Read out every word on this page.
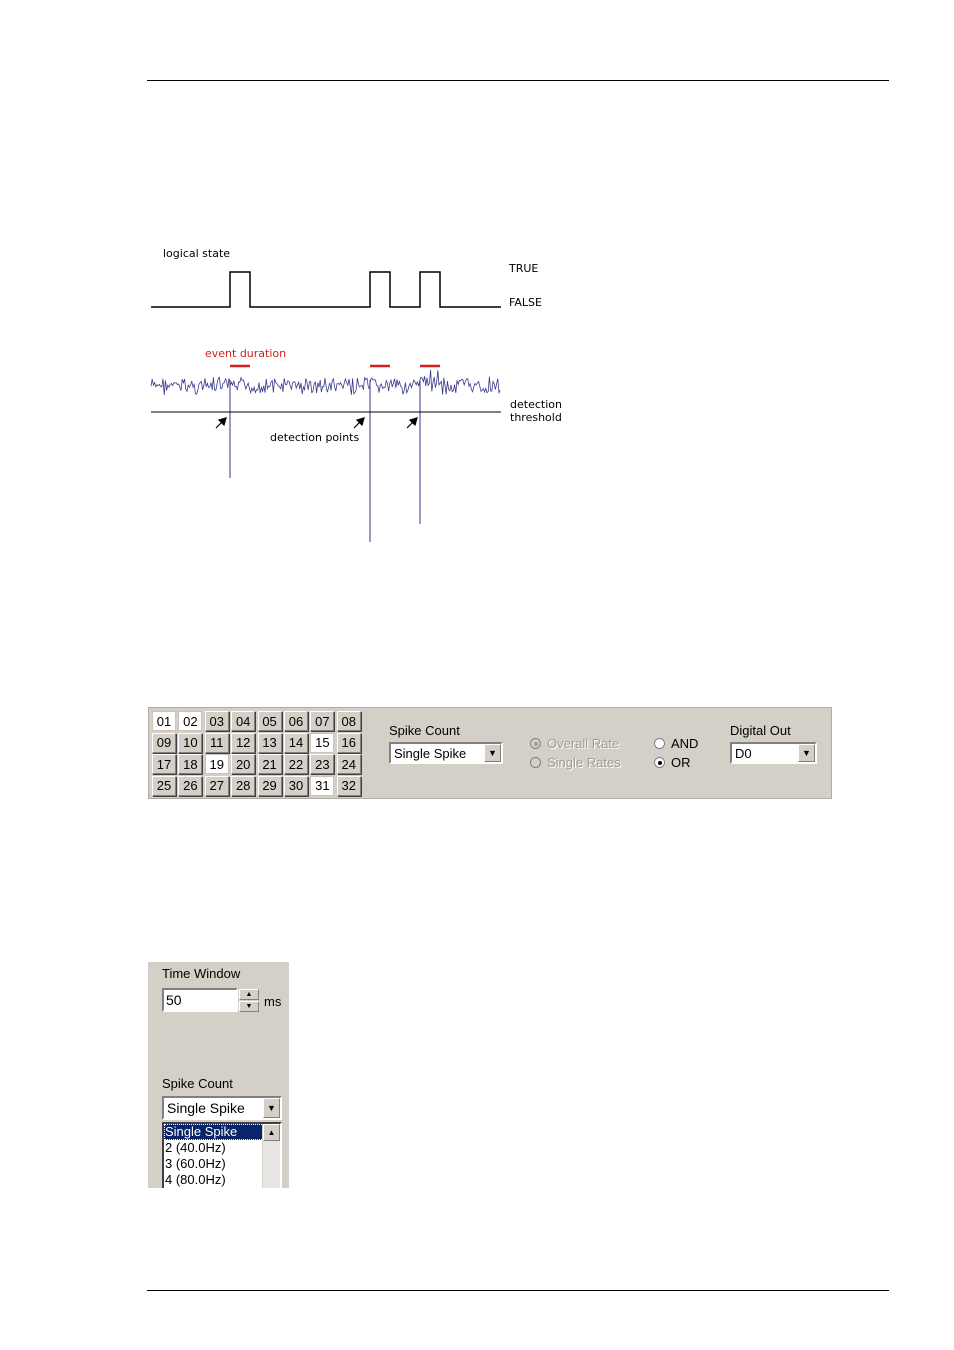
logical state
TRUE
FALSE
event duration
detection
threshold
detection points
01 02 03 04 05 06 07 08
09 10 11 12 13 14 15 16
17 18 19 20 21 22 23 24
25 26 27 28 29 30 31 32
Spike Count
Single Spike	▼
Overall Rate
Single Rates
AND
OR
Digital Out
D0	▼
Time Window
50	▲
▼ ms
Spike Count
Single Spike	▼
Single Spike
2 (40.0Hz)
3 (60.0Hz)
4 (80.0Hz)
▲
